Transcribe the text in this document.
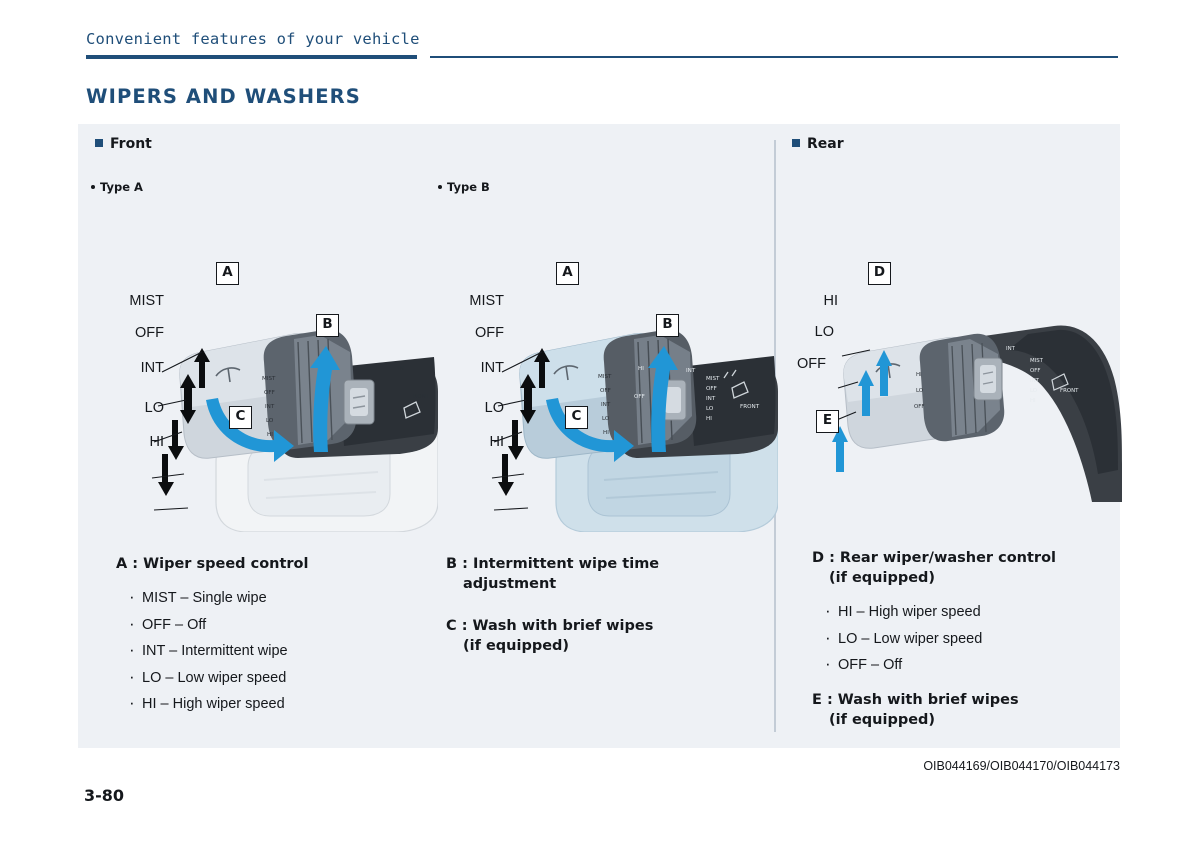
Convenient features of your vehicle
WIPERS AND WASHERS
Front
Type A	Type B
MIST
OFF
INT
LO
HI
INT
FRONT
A
B
C
MIST
OFF
INT
LO
HI
MIST
OFF
INT
LO
HI
HI
OFF
INT
MIST
OFF
INT
LO
HI
FRONT
A
B
C
MIST
OFF
INT
LO
HI
A : Wiper speed control
· MIST – Single wipe
· OFF – Off
· INT – Intermittent wipe
· LO – Low wiper speed
· HI – High wiper speed
B : Intermittent wipe time
adjustment
C : Wash with brief wipes
(if equipped)
Rear
HI
LO
OFF
INT
MIST
OFF
INT
LO
HI
FRONT
D
E
HI
LO
OFF
D : Rear wiper/washer control
(if equipped)
· HI – High wiper speed
· LO – Low wiper speed
· OFF – Off
E : Wash with brief wipes
(if equipped)
OIB044169/OIB044170/OIB044173
3-80
